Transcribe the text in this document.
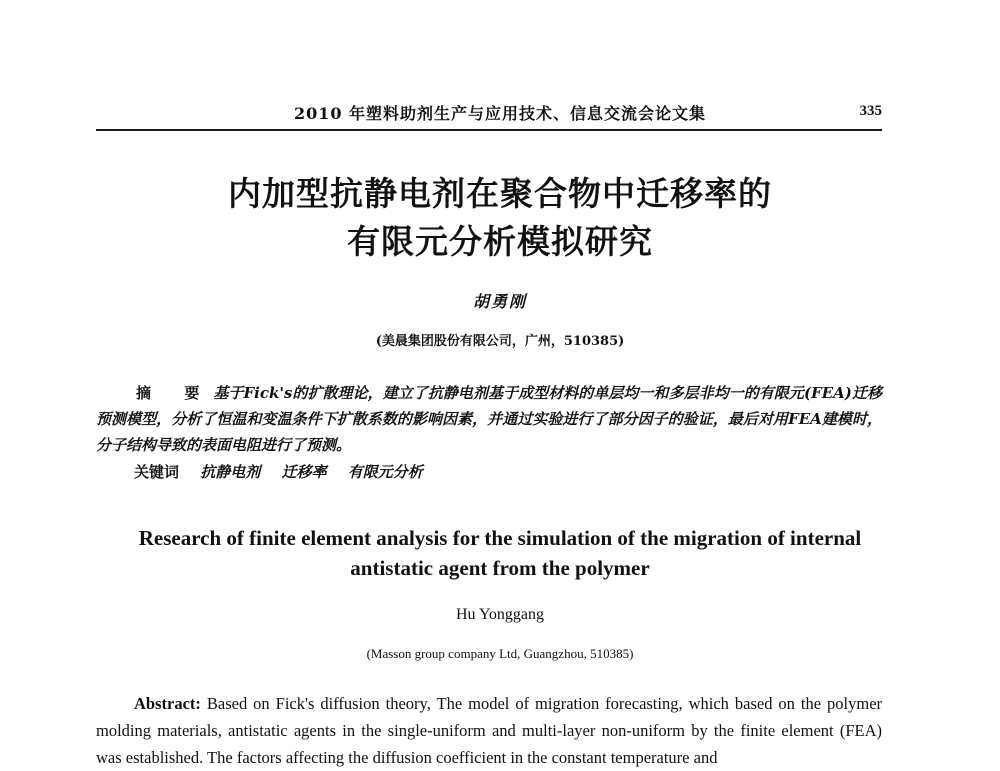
2010 年塑料助剂生产与应用技术、信息交流会论文集	335
内加型抗静电剂在聚合物中迁移率的
有限元分析模拟研究
胡勇刚
(美晨集团股份有限公司，广州，510385)
摘 要基于Fick's的扩散理论，建立了抗静电剂基于成型材料的单层均一和多层非均一的有限元(FEA)迁移预测模型，分析了恒温和变温条件下扩散系数的影响因素，并通过实验进行了部分因子的验证，最后对用FEA建模时，分子结构导致的表面电阻进行了预测。
关键词 抗静电剂 迁移率 有限元分析
Research of finite element analysis for the simulation of the migration of internal
antistatic agent from the polymer
Hu Yonggang
(Masson group company Ltd, Guangzhou, 510385)
Abstract: Based on Fick's diffusion theory, The model of migration forecasting, which based on the polymer molding materials, antistatic agents in the single-uniform and multi-layer non-uniform by the finite element (FEA) was established. The factors affecting the diffusion coefficient in the constant temperature and
